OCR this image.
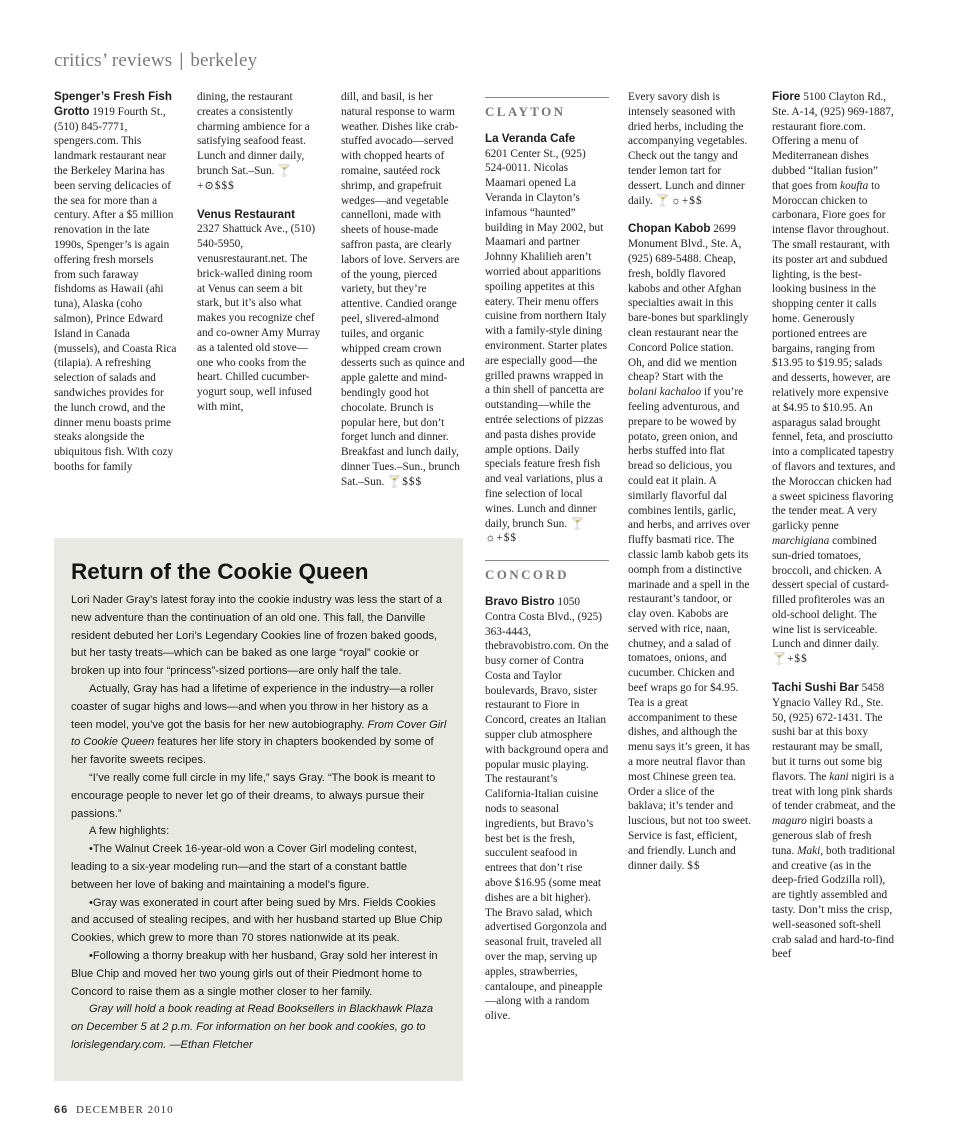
critics’ reviews | berkeley

Spenger’s Fresh Fish Grotto 1919 Fourth St., (510) 845-7771, spengers.com. This landmark restaurant near the Berkeley Marina has been serving delicacies of the sea for more than a century. After a $5 million renovation in the late 1990s, Spenger’s is again offering fresh morsels from such faraway fishdoms as Hawaii (ahi tuna), Alaska (coho salmon), Prince Edward Island in Canada (mussels), and Coasta Rica (tilapia). A refreshing selection of salads and sandwiches provides for the lunch crowd, and the dinner menu boasts prime steaks alongside the ubiquitous fish. With cozy booths for family

dining, the restaurant creates a consistently charming ambience for a satisfying seafood feast. Lunch and dinner daily, brunch Sat.–Sun. 🍸+⊙$$$

Venus Restaurant
2327 Shattuck Ave., (510) 540-5950, venusrestaurant.net. The brick-walled dining room at Venus can seem a bit stark, but it’s also what makes you recognize chef and co-owner Amy Murray as a talented old stove—one who cooks from the heart. Chilled cucumber-yogurt soup, well infused with mint,

dill, and basil, is her natural response to warm weather. Dishes like crab-stuffed avocado—served with chopped hearts of romaine, sautéed rock shrimp, and grapefruit wedges—and vegetable cannelloni, made with sheets of house-made saffron pasta, are clearly labors of love. Servers are of the young, pierced variety, but they’re attentive. Candied orange peel, slivered-almond tuiles, and organic whipped cream crown desserts such as quince and apple galette and mind-bendingly good hot chocolate. Brunch is popular here, but don’t forget lunch and dinner. Breakfast and lunch daily, dinner Tues.–Sun., brunch Sat.–Sun. 🍸$$$

CLAYTON

La Veranda Cafe
6201 Center St., (925) 524-0011. Nicolas Maamari opened La Veranda in Clayton’s infamous “haunted” building in May 2002, but Maamari and partner Johnny Khalilieh aren’t worried about apparitions spoiling appetites at this eatery. Their menu offers cuisine from northern Italy with a family-style dining environment. Starter plates are especially good—the grilled prawns wrapped in a thin shell of pancetta are outstanding—while the entrée selections of pizzas and pasta dishes provide ample options. Daily specials feature fresh fish and veal variations, plus a fine selection of local wines. Lunch and dinner daily, brunch Sun. 🍸☼+$$

CONCORD

Bravo Bistro 1050 Contra Costa Blvd., (925) 363-4443, thebravobistro.com. On the busy corner of Contra Costa and Taylor boulevards, Bravo, sister restaurant to Fiore in Concord, creates an Italian supper club atmosphere with background opera and popular music playing. The restaurant’s California-Italian cuisine nods to seasonal ingredients, but Bravo’s best bet is the fresh, succulent seafood in entrees that don’t rise above $16.95 (some meat dishes are a bit higher). The Bravo salad, which advertised Gorgonzola and seasonal fruit, traveled all over the map, serving up apples, strawberries, cantaloupe, and pineapple—along with a random olive.

Every savory dish is intensely seasoned with dried herbs, including the accompanying vegetables. Check out the tangy and tender lemon tart for dessert. Lunch and dinner daily. 🍸☼+$$

Chopan Kabob 2699 Monument Blvd., Ste. A, (925) 689-5488. Cheap, fresh, boldly flavored kabobs and other Afghan specialties await in this bare-bones but sparklingly clean restaurant near the Concord Police station. Oh, and did we mention cheap? Start with the bolani kachaloo if you’re feeling adventurous, and prepare to be wowed by potato, green onion, and herbs stuffed into flat bread so delicious, you could eat it plain. A similarly flavorful dal combines lentils, garlic, and herbs, and arrives over fluffy basmati rice. The classic lamb kabob gets its oomph from a distinctive marinade and a spell in the restaurant’s tandoor, or clay oven. Kabobs are served with rice, naan, chutney, and a salad of tomatoes, onions, and cucumber. Chicken and beef wraps go for $4.95. Tea is a great accompaniment to these dishes, and although the menu says it’s green, it has a more neutral flavor than most Chinese green tea. Order a slice of the baklava; it’s tender and luscious, but not too sweet. Service is fast, efficient, and friendly. Lunch and dinner daily. $$

Fiore 5100 Clayton Rd., Ste. A-14, (925) 969-1887, restaurant fiore.com. Offering a menu of Mediterranean dishes dubbed “Italian fusion” that goes from koufta to Moroccan chicken to carbonara, Fiore goes for intense flavor throughout. The small restaurant, with its poster art and subdued lighting, is the best-looking business in the shopping center it calls home. Generously portioned entrees are bargains, ranging from $13.95 to $19.95; salads and desserts, however, are relatively more expensive at $4.95 to $10.95. An asparagus salad brought fennel, feta, and prosciutto into a complicated tapestry of flavors and textures, and the Moroccan chicken had a sweet spiciness flavoring the tender meat. A very garlicky penne marchigiana combined sun-dried tomatoes, broccoli, and chicken. A dessert special of custard-filled profiteroles was an old-school delight. The wine list is serviceable. Lunch and dinner daily. 🍸+$$

Tachi Sushi Bar 5458 Ygnacio Valley Rd., Ste. 50, (925) 672-1431. The sushi bar at this boxy restaurant may be small, but it turns out some big flavors. The kani nigiri is a treat with long pink shards of tender crabmeat, and the maguro nigiri boasts a generous slab of fresh tuna. Maki, both traditional and creative (as in the deep-fried Godzilla roll), are tightly assembled and tasty. Don’t miss the crisp, well-seasoned soft-shell crab salad and hard-to-find beef

Return of the Cookie Queen

Lori Nader Gray’s latest foray into the cookie industry was less the start of a new adventure than the continuation of an old one. This fall, the Danville resident debuted her Lori’s Legendary Cookies line of frozen baked goods, but her tasty treats—which can be baked as one large “royal” cookie or broken up into four “princess”-sized portions—are only half the tale.

Actually, Gray has had a lifetime of experience in the industry—a roller coaster of sugar highs and lows—and when you throw in her history as a teen model, you’ve got the basis for her new autobiography. From Cover Girl to Cookie Queen features her life story in chapters bookended by some of her favorite sweets recipes.

“I’ve really come full circle in my life,” says Gray. “The book is meant to encourage people to never let go of their dreams, to always pursue their passions.”

A few highlights:

•The Walnut Creek 16-year-old won a Cover Girl modeling contest, leading to a six-year modeling run—and the start of a constant battle between her love of baking and maintaining a model’s figure.

•Gray was exonerated in court after being sued by Mrs. Fields Cookies and accused of stealing recipes, and with her husband started up Blue Chip Cookies, which grew to more than 70 stores nationwide at its peak.

•Following a thorny breakup with her husband, Gray sold her interest in Blue Chip and moved her two young girls out of their Piedmont home to Concord to raise them as a single mother closer to her family.

Gray will hold a book reading at Read Booksellers in Blackhawk Plaza on December 5 at 2 p.m. For information on her book and cookies, go to lorislegendary.com. —Ethan Fletcher

66 DECEMBER 2010
